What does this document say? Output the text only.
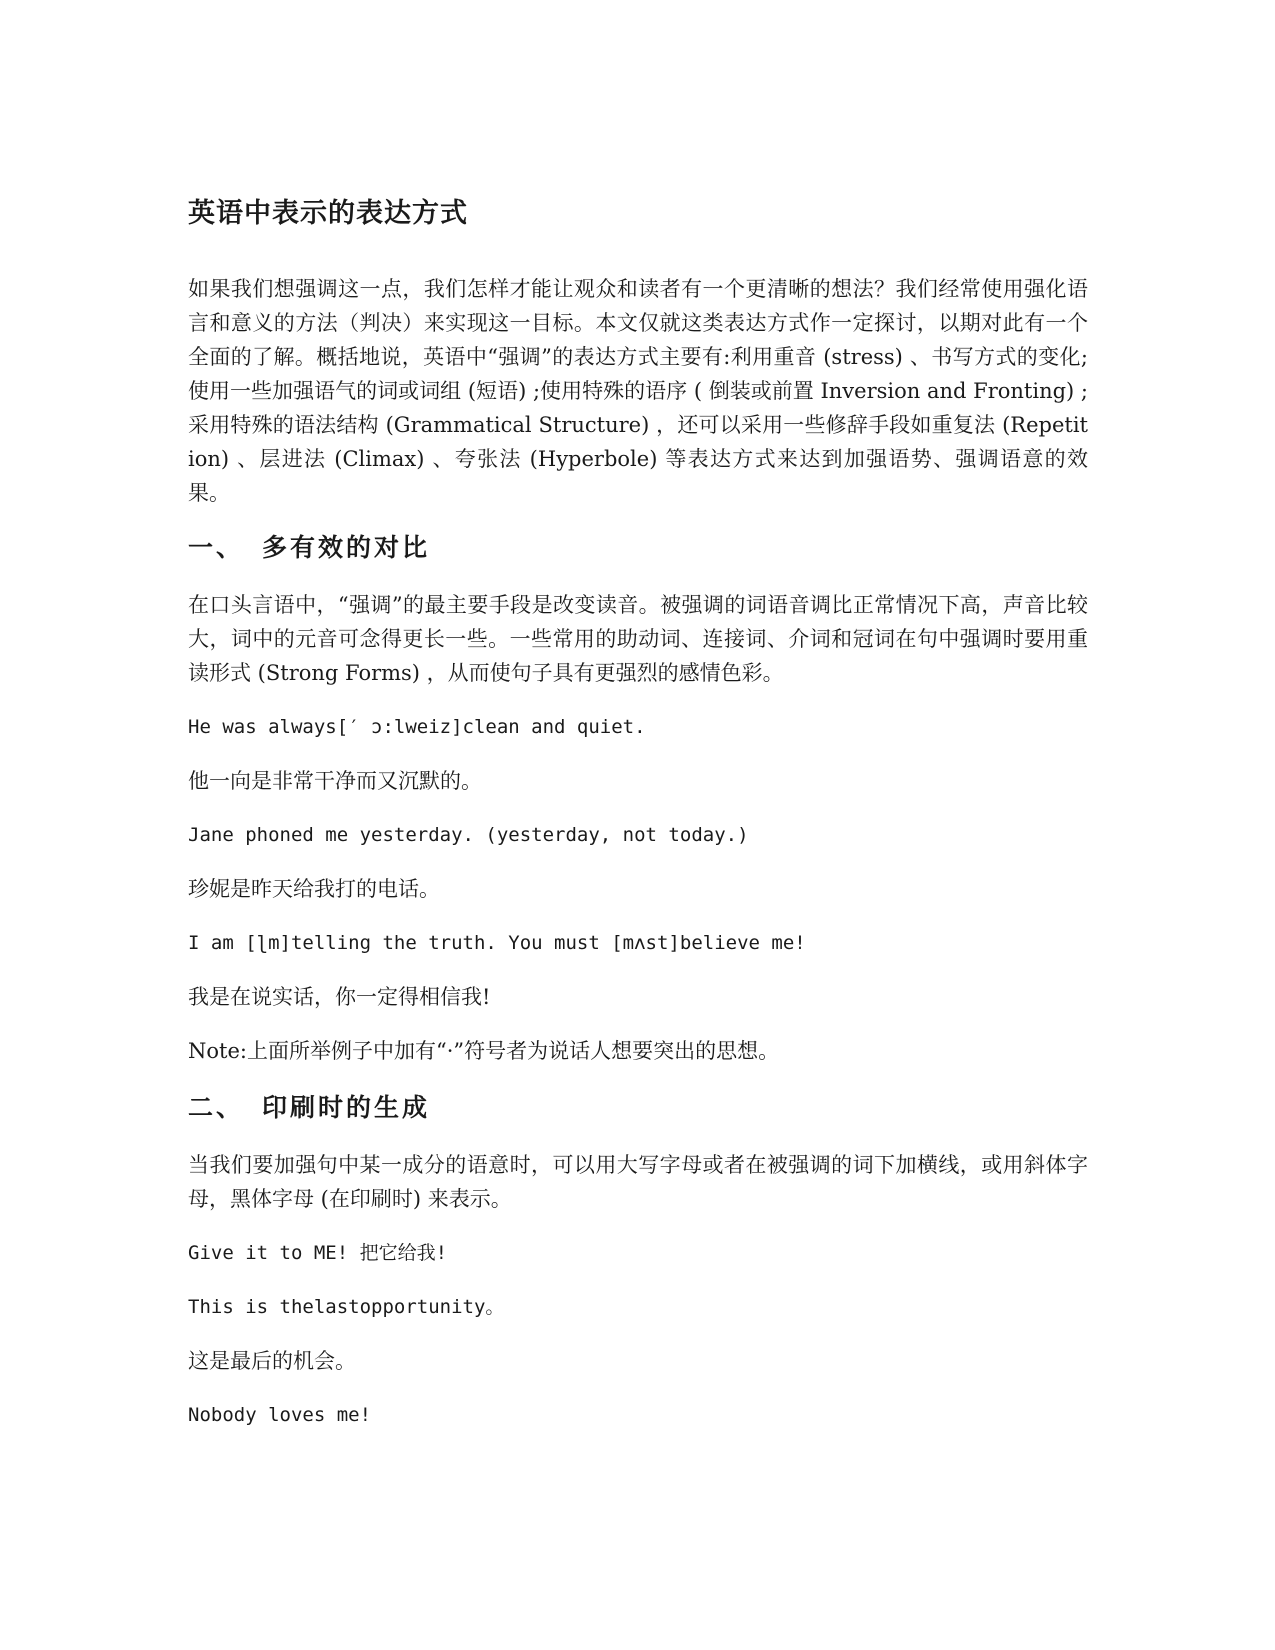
英语中表示的表达方式

如果我们想强调这一点，我们怎样才能让观众和读者有一个更清晰的想法？我们经常使用强化语言和意义的方法（判决）来实现这一目标。本文仅就这类表达方式作一定探讨，以期对此有一个全面的了解。概括地说，英语中“强调”的表达方式主要有:利用重音 (stress) 、书写方式的变化;使用一些加强语气的词或词组 (短语) ;使用特殊的语序 ( 倒装或前置 Inversion and Fronting) ;采用特殊的语法结构 (Grammatical Structure) ，还可以采用一些修辞手段如重复法 (Repetition) 、层进法 (Climax) 、夸张法 (Hyperbole) 等表达方式来达到加强语势、强调语意的效果。

一、 多有效的对比

在口头言语中，“强调”的最主要手段是改变读音。被强调的词语音调比正常情况下高，声音比较大，词中的元音可念得更长一些。一些常用的助动词、连接词、介词和冠词在句中强调时要用重读形式 (Strong Forms) ，从而使句子具有更强烈的感情色彩。

He was always[′ ɔ:lweiz]clean and quiet.

他一向是非常干净而又沉默的。

Jane phoned me yesterday. (yesterday, not today.)

珍妮是昨天给我打的电话。

I am [ɭm]telling the truth. You must [mʌst]believe me!

我是在说实话，你一定得相信我!

Note:上面所举例子中加有“·”符号者为说话人想要突出的思想。

二、 印刷时的生成

当我们要加强句中某一成分的语意时，可以用大写字母或者在被强调的词下加横线，或用斜体字母，黑体字母 (在印刷时) 来表示。

Give it to ME! 把它给我!

This is thelastopportunity。

这是最后的机会。

Nobody loves me!
